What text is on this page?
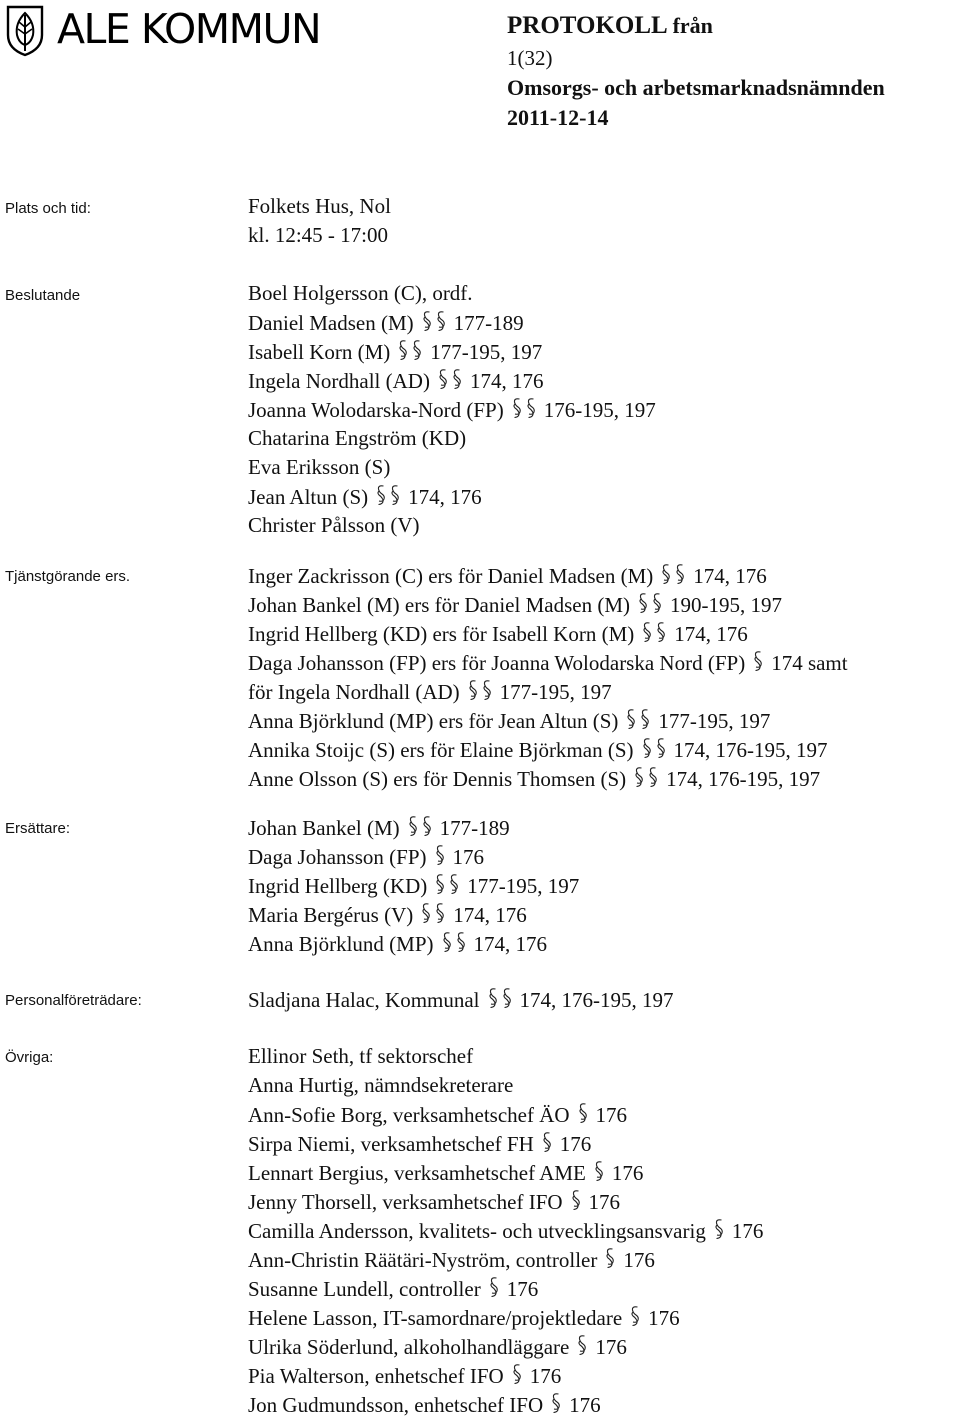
ALE KOMMUN	PROTOKOLL från
1(32)
Omsorgs- och arbetsmarknadsnämnden
2011-12-14
Plats och tid:	Folkets Hus, Nol
kl. 12:45 - 17:00
Beslutande	Boel Holgersson (C), ordf.
Daniel Madsen (M) 177-189
Isabell Korn (M) 177-195, 197
Ingela Nordhall (AD) 174, 176
Joanna Wolodarska-Nord (FP) 176-195, 197
Chatarina Engström (KD)
Eva Eriksson (S)
Jean Altun (S) 174, 176
Christer Pålsson (V)
Tjänstgörande ers.	Inger Zackrisson (C) ers för Daniel Madsen (M) 174, 176
Johan Bankel (M) ers för Daniel Madsen (M) 190-195, 197
Ingrid Hellberg (KD) ers för Isabell Korn (M) 174, 176
Daga Johansson (FP) ers för Joanna Wolodarska Nord (FP) 174 samt
för Ingela Nordhall (AD) 177-195, 197
Anna Björklund (MP) ers för Jean Altun (S) 177-195, 197
Annika Stoijc (S) ers för Elaine Björkman (S) 174, 176-195, 197
Anne Olsson (S) ers för Dennis Thomsen (S) 174, 176-195, 197
Ersättare:	Johan Bankel (M) 177-189
Daga Johansson (FP) 176
Ingrid Hellberg (KD) 177-195, 197
Maria Bergérus (V) 174, 176
Anna Björklund (MP) 174, 176
Personalföreträdare:	Sladjana Halac, Kommunal 174, 176-195, 197
Övriga:	Ellinor Seth, tf sektorschef
Anna Hurtig, nämndsekreterare
Ann-Sofie Borg, verksamhetschef ÄO 176
Sirpa Niemi, verksamhetschef FH 176
Lennart Bergius, verksamhetschef AME 176
Jenny Thorsell, verksamhetschef IFO 176
Camilla Andersson, kvalitets- och utvecklingsansvarig 176
Ann-Christin Räätäri-Nyström, controller 176
Susanne Lundell, controller 176
Helene Lasson, IT-samordnare/projektledare 176
Ulrika Söderlund, alkoholhandläggare 176
Pia Walterson, enhetschef IFO 176
Jon Gudmundsson, enhetschef IFO 176
